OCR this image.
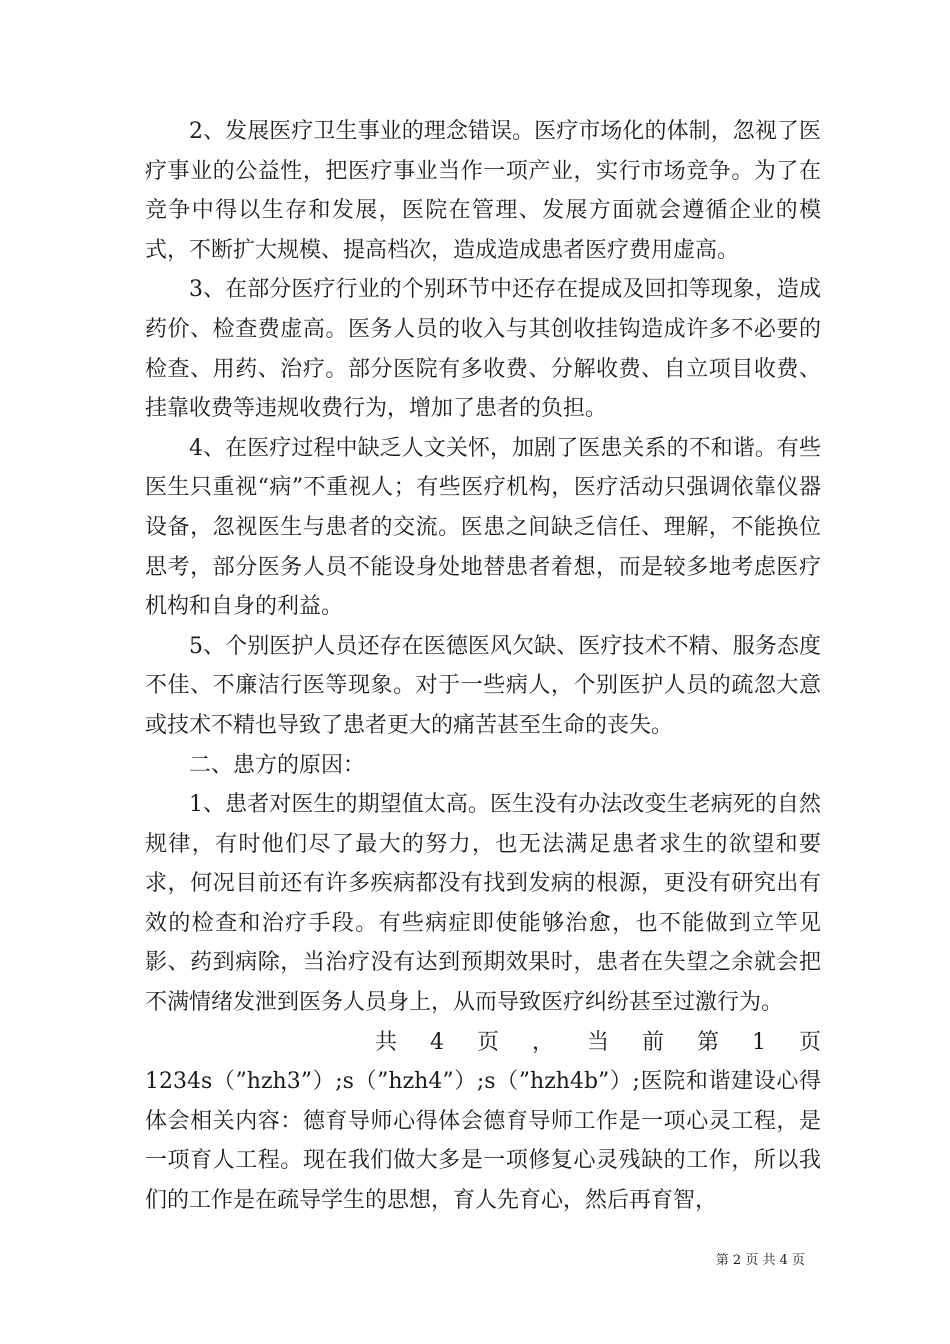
2、发展医疗卫生事业的理念错误。医疗市场化的体制，忽视了医疗事业的公益性，把医疗事业当作一项产业，实行市场竞争。为了在竞争中得以生存和发展，医院在管理、发展方面就会遵循企业的模式，不断扩大规模、提高档次，造成造成患者医疗费用虚高。

3、在部分医疗行业的个别环节中还存在提成及回扣等现象，造成药价、检查费虚高。医务人员的收入与其创收挂钩造成许多不必要的检查、用药、治疗。部分医院有多收费、分解收费、自立项目收费、挂靠收费等违规收费行为，增加了患者的负担。

4、在医疗过程中缺乏人文关怀，加剧了医患关系的不和谐。有些医生只重视“病”不重视人；有些医疗机构，医疗活动只强调依靠仪器设备，忽视医生与患者的交流。医患之间缺乏信任、理解，不能换位思考，部分医务人员不能设身处地替患者着想，而是较多地考虑医疗机构和自身的利益。

5、个别医护人员还存在医德医风欠缺、医疗技术不精、服务态度不佳、不廉洁行医等现象。对于一些病人，个别医护人员的疏忽大意或技术不精也导致了患者更大的痛苦甚至生命的丧失。

二、患方的原因：

1、患者对医生的期望值太高。医生没有办法改变生老病死的自然规律，有时他们尽了最大的努力，也无法满足患者求生的欲望和要求，何况目前还有许多疾病都没有找到发病的根源，更没有研究出有效的检查和治疗手段。有些病症即使能够治愈，也不能做到立竿见影、药到病除，当治疗没有达到预期效果时，患者在失望之余就会把不满情绪发泄到医务人员身上，从而导致医疗纠纷甚至过激行为。

共 4 页 ， 当 前 第 1 页

1234s（”hzh3”）;s（”hzh4”）;s（”hzh4b”）;医院和谐建设心得体会相关内容：德育导师心得体会德育导师工作是一项心灵工程，是一项育人工程。现在我们做大多是一项修复心灵残缺的工作，所以我们的工作是在疏导学生的思想，育人先育心，然后再育智，

第 2 页 共 4 页
